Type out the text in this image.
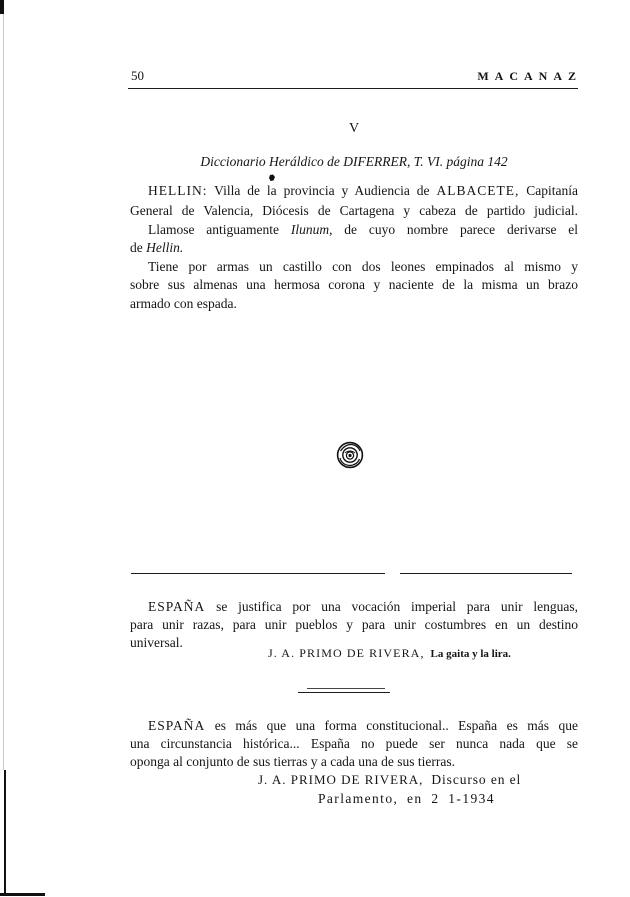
50	MACANAZ
V
Diccionario Heráldico de DIFERRER, T. VI. página 142
HELLIN: Villa de la provincia y Audiencia de ALBACETE, Capitanía
General de Valencia, Diócesis de Cartagena y cabeza de partido judicial.
Llamose antiguamente Ilunum, de cuyo nombre parece derivarse el
de Hellin.
Tiene por armas un castillo con dos leones empinados al mismo y
sobre sus almenas una hermosa corona y naciente de la misma un brazo
armado con espada.
ESPAÑA se justifica por una vocación imperial para unir lenguas,
para unir razas, para unir pueblos y para unir costumbres en un destino
universal.
J. A. PRIMO DE RIVERA, La gaita y la lira.
ESPAÑA es más que una forma constitucional.. España es más que
una circunstancia histórica... España no puede ser nunca nada que se
oponga al conjunto de sus tierras y a cada una de sus tierras.
J. A. PRIMO DE RIVERA, Discurso en el
Parlamento, en 2 1-1934
